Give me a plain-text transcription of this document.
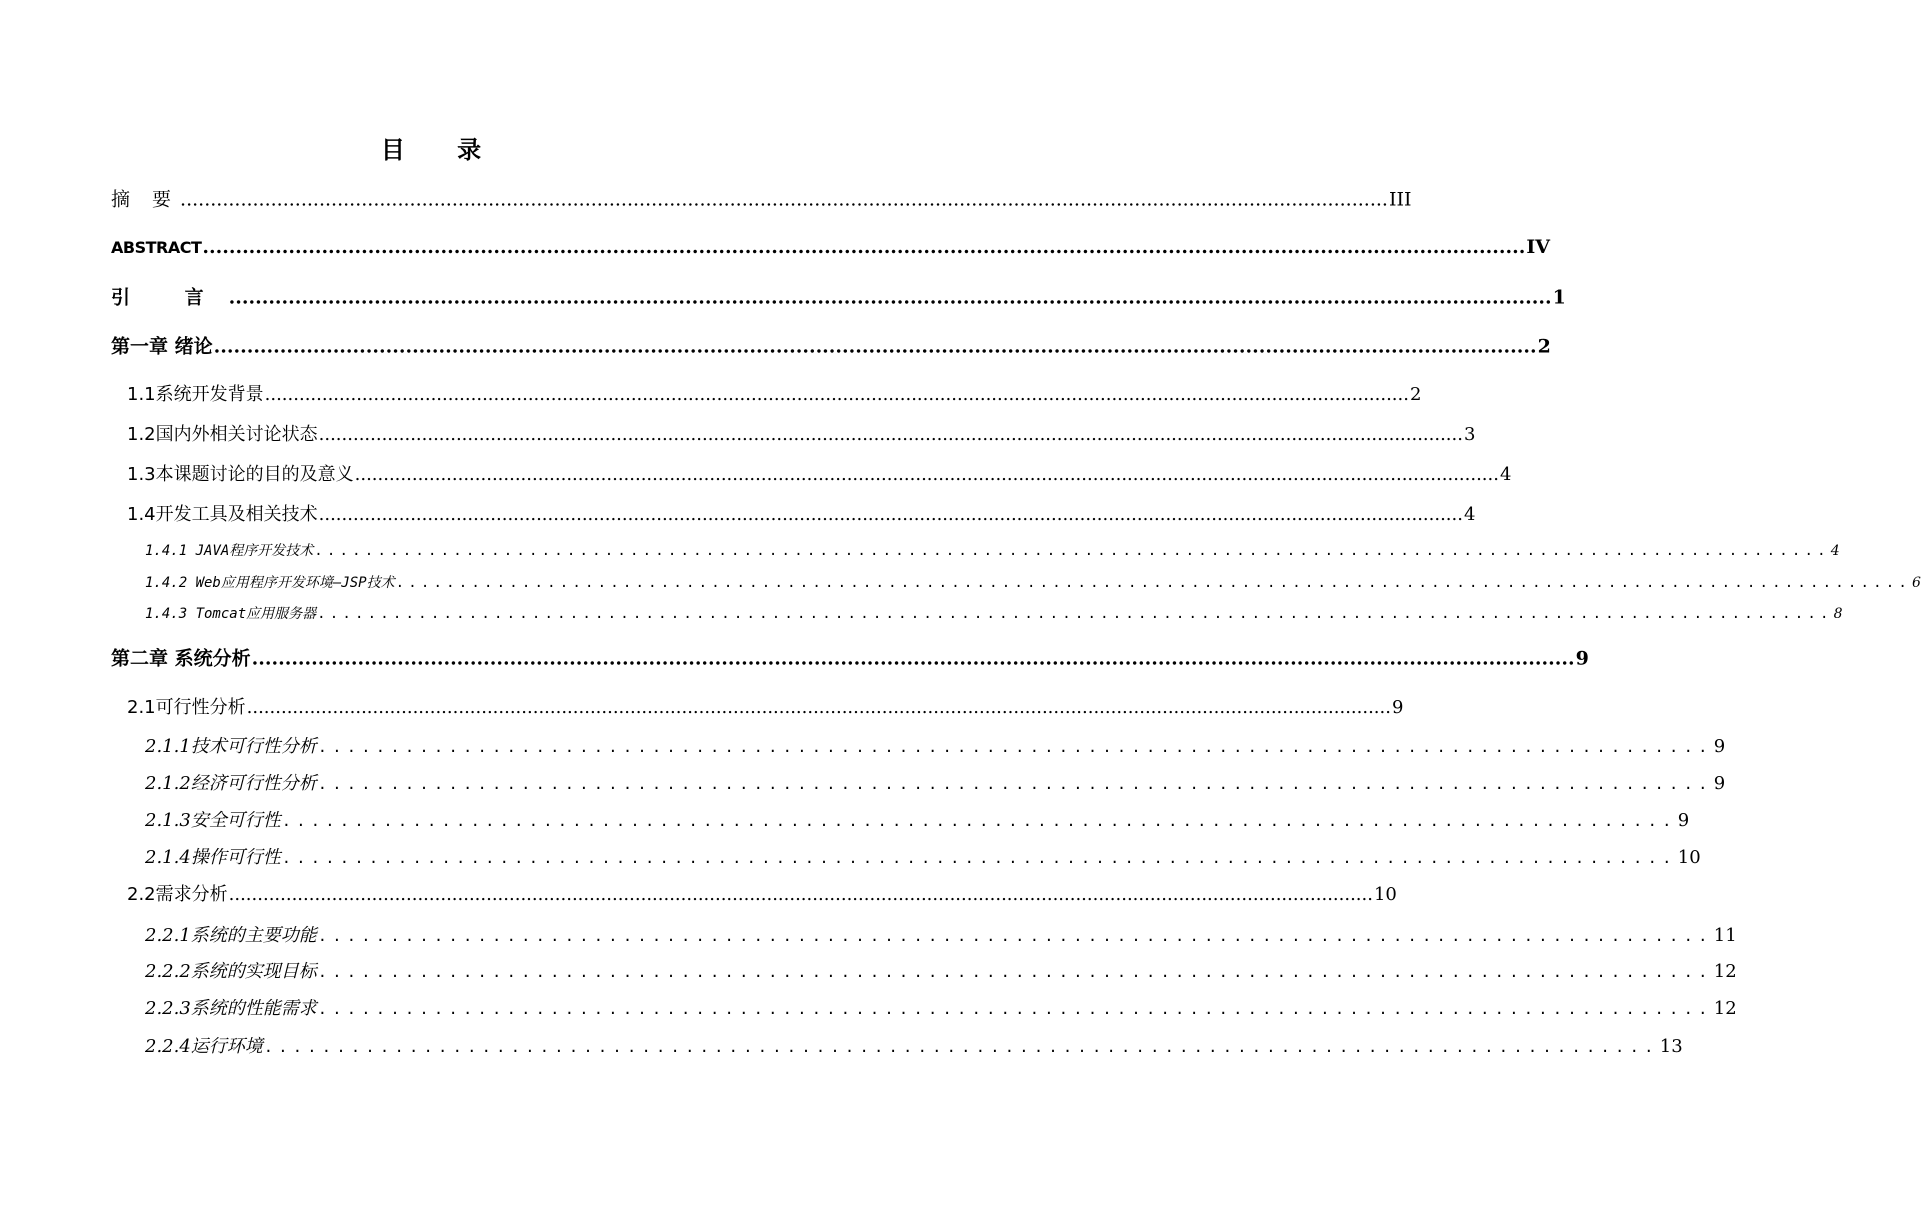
目 录
摘 要 ........................................................................................................................................................................................................ III
ABSTRACT ........................................................................................................................................................................................................ IV
引 言 ........................................................................................................................................................................................................ 1
第一章 绪论 ........................................................................................................................................................................................................ 2
1.1系统开发背景 ........................................................................................................................................................................................................ 2
1.2国内外相关讨论状态 ........................................................................................................................................................................................................ 3
1.3本课题讨论的目的及意义 ........................................................................................................................................................................................................ 4
1.4开发工具及相关技术 ........................................................................................................................................................................................................ 4
1.4.1 JAVA程序开发技术 ........................................................................................................................ 4
1.4.2 Web应用程序开发环境—JSP技术 ........................................................................................................................ 6
1.4.3 Tomcat应用服务器 ........................................................................................................................ 8
第二章 系统分析 ........................................................................................................................................................................................................ 9
2.1可行性分析 ........................................................................................................................................................................................................ 9
2.1.1技术可行性分析 ................................................................................................ 9
2.1.2经济可行性分析 ................................................................................................ 9
2.1.3安全可行性 ................................................................................................ 9
2.1.4操作可行性 ................................................................................................ 10
2.2需求分析 ........................................................................................................................................................................................................ 10
2.2.1系统的主要功能 ................................................................................................ 11
2.2.2系统的实现目标 ................................................................................................ 12
2.2.3系统的性能需求 ................................................................................................ 12
2.2.4运行环境 ................................................................................................ 13
